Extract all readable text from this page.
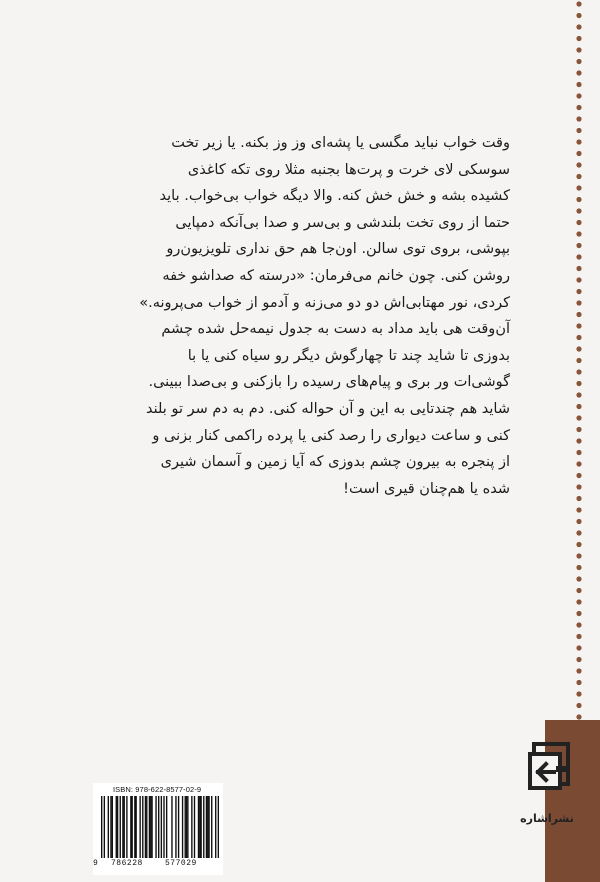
وقت خواب نباید مگسی یا پشه‌ای وز وز بکنه. یا زیر تخت

سوسکی لای خرت و پرت‌ها بجنبه مثلا روی تکه کاغذی

کشیده بشه و خش خش کنه. والا دیگه خواب بی‌خواب. باید

حتما از روی تخت بلندشی و بی‌سر و صدا بی‌آنکه دمپایی

بپوشی، بروی توی سالن. اون‌جا هم حق نداری تلویزیون‌رو

روشن کنی. چون خانم می‌فرمان: «درسته که صداشو خفه

کردی، نور مهتابی‌اش دو دو می‌زنه و آدمو از خواب می‌پرونه.»

آن‌وقت هی باید مداد به دست به جدول نیمه‌حل شده چشم

بدوزی تا شاید چند تا چهارگوش دیگر رو سیاه کنی یا با

گوشی‌ات ور بری و پیام‌های رسیده را بازکنی و بی‌صدا ببینی.

شاید هم چندتایی به این و آن حواله کنی. دم به دم سر تو بلند

کنی و ساعت دیواری را رصد کنی یا پرده راکمی کنار بزنی و

از پنجره به بیرون چشم بدوزی که آیا زمین و آسمان شیری

شده یا هم‌چنان قیری است!

نشراشاره
ISBN: 978-622-8577-02-9
9 786228	577029
